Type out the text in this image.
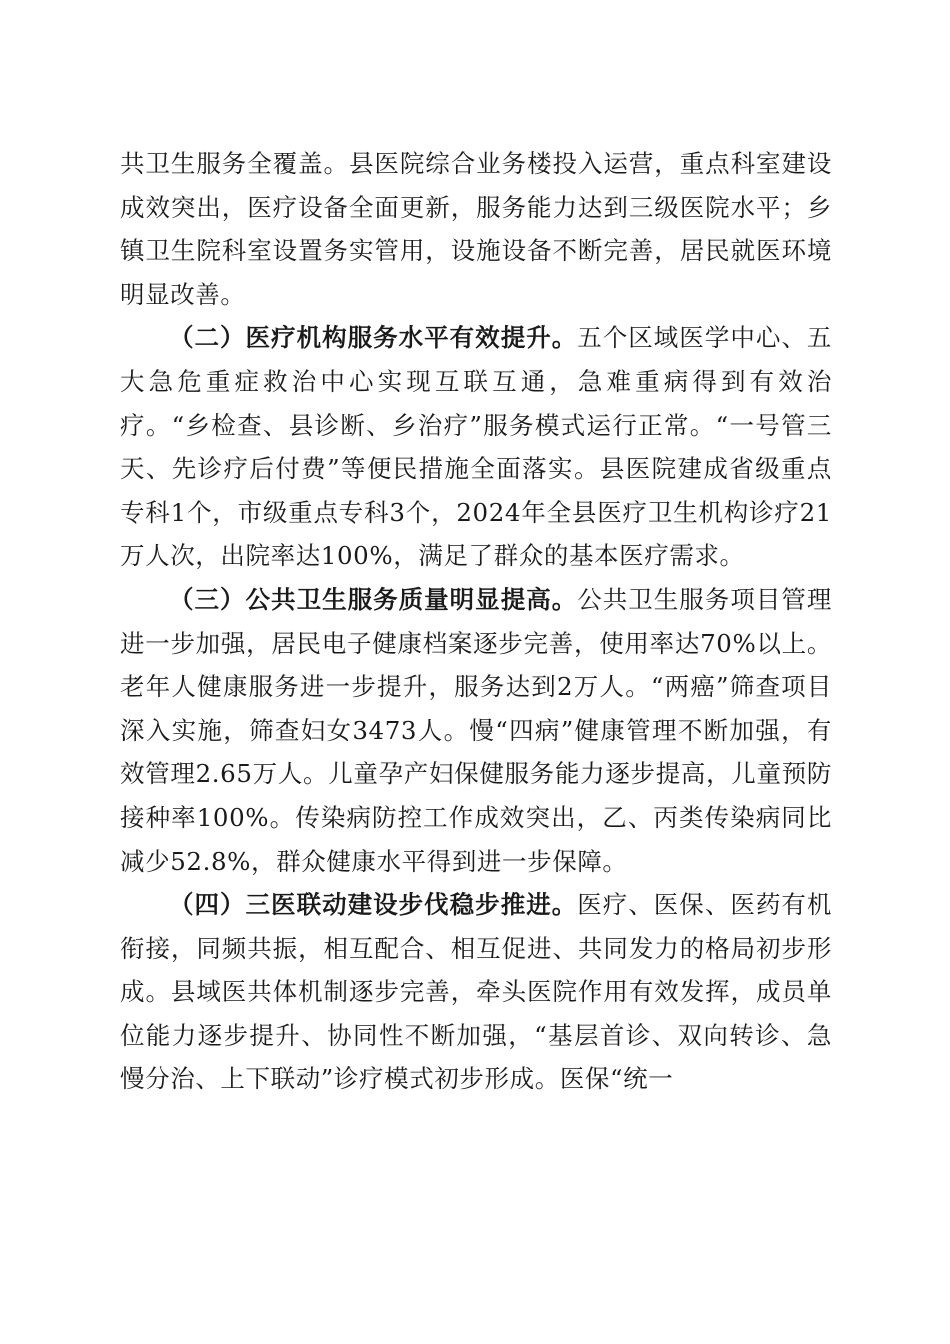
共卫生服务全覆盖。县医院综合业务楼投入运营，重点科室建设成效突出，医疗设备全面更新，服务能力达到三级医院水平；乡镇卫生院科室设置务实管用，设施设备不断完善，居民就医环境明显改善。

（二）医疗机构服务水平有效提升。五个区域医学中心、五大急危重症救治中心实现互联互通，急难重病得到有效治疗。“乡检查、县诊断、乡治疗”服务模式运行正常。“一号管三天、先诊疗后付费”等便民措施全面落实。县医院建成省级重点专科1个，市级重点专科3个，2024年全县医疗卫生机构诊疗21万人次，出院率达100%，满足了群众的基本医疗需求。

（三）公共卫生服务质量明显提高。公共卫生服务项目管理进一步加强，居民电子健康档案逐步完善，使用率达70%以上。老年人健康服务进一步提升，服务达到2万人。“两癌”筛查项目深入实施，筛查妇女3473人。慢“四病”健康管理不断加强，有效管理2.65万人。儿童孕产妇保健服务能力逐步提高，儿童预防接种率100%。传染病防控工作成效突出，乙、丙类传染病同比减少52.8%，群众健康水平得到进一步保障。

（四）三医联动建设步伐稳步推进。医疗、医保、医药有机衔接，同频共振，相互配合、相互促进、共同发力的格局初步形成。县域医共体机制逐步完善，牵头医院作用有效发挥，成员单位能力逐步提升、协同性不断加强，“基层首诊、双向转诊、急慢分治、上下联动”诊疗模式初步形成。医保“统一
